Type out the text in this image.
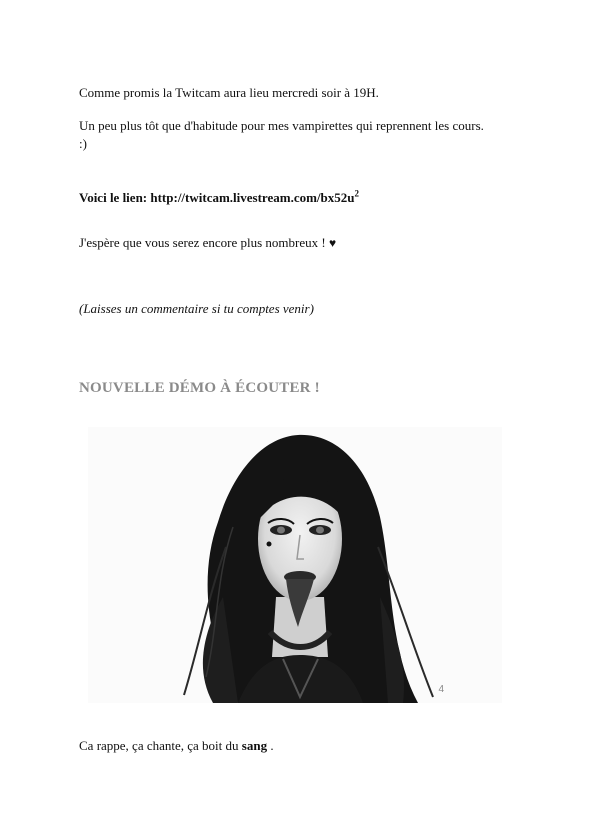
Comme promis la Twitcam aura lieu mercredi soir à 19H.
Un peu plus tôt que d'habitude pour mes vampirettes qui reprennent les cours.
:)
Voici le lien: $http://twitcam.livestream.com/bx52u^2$
J'espère que vous serez encore plus nombreux ! ♥
(Laisses un commentaire si tu comptes venir)
NOUVELLE DÉMO À ÉCOUTER !
4
Ca rappe, ça chante, ça boit du sang .
